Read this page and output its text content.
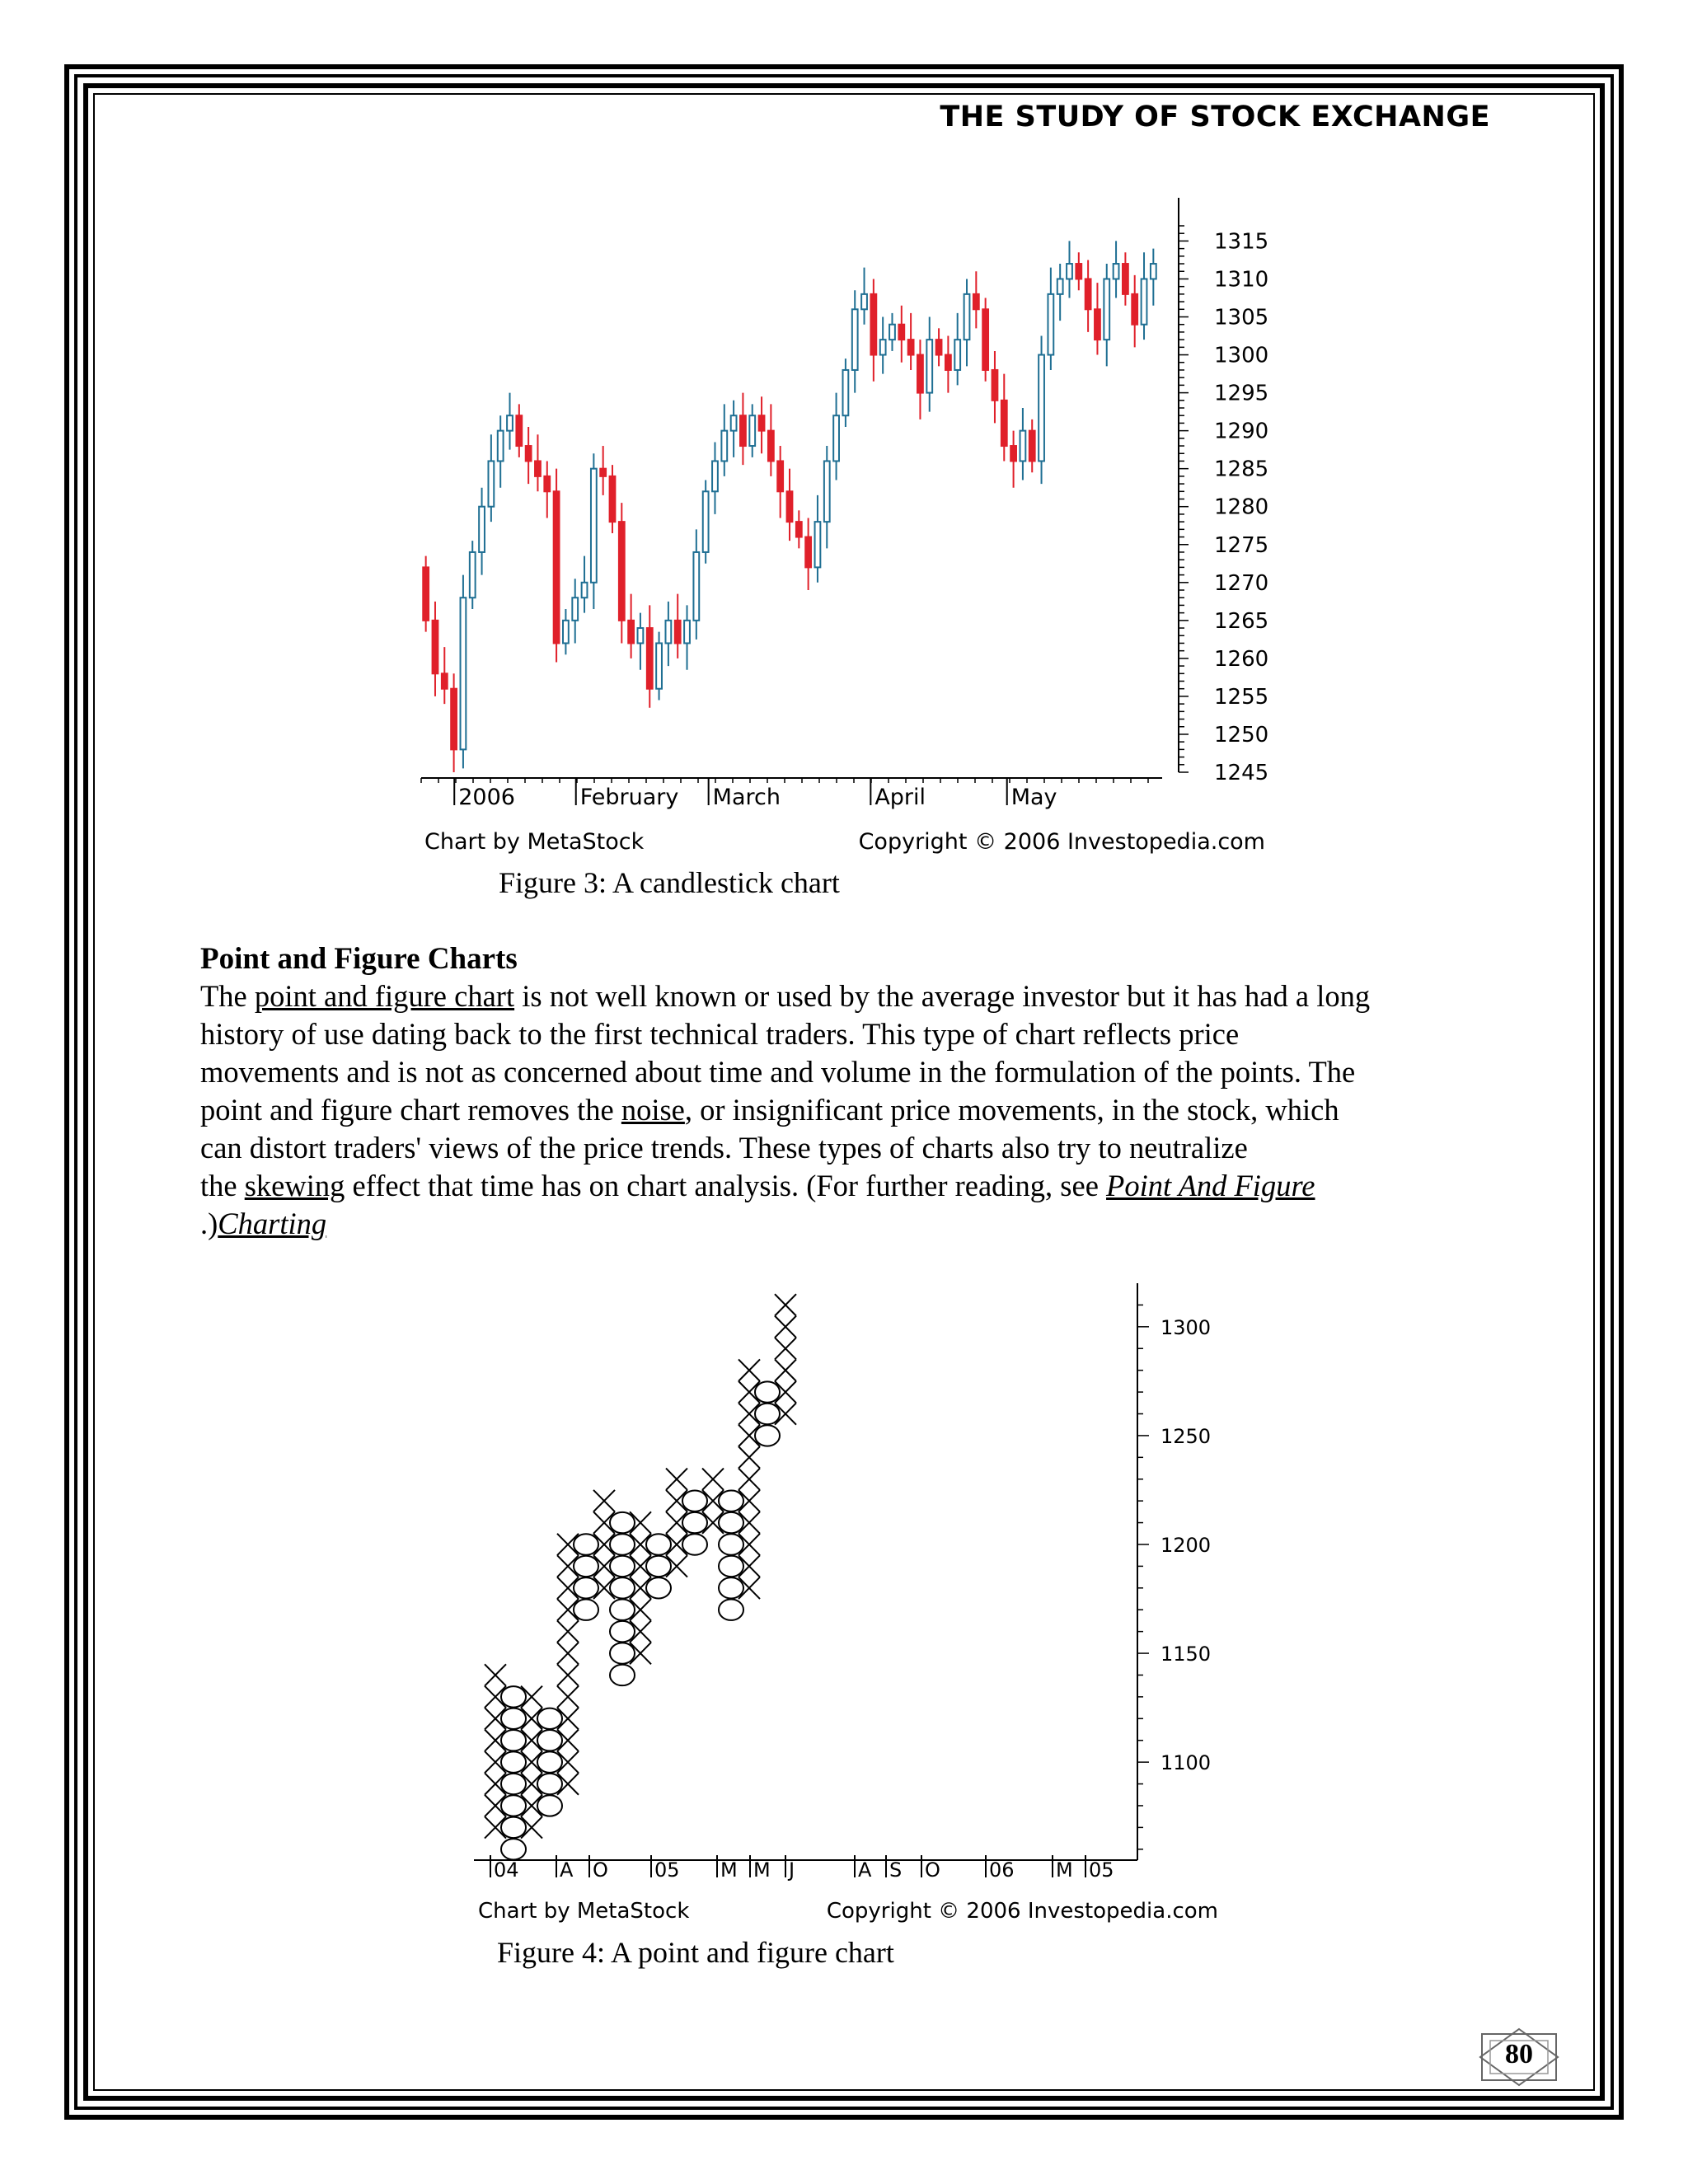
THE STUDY OF STOCK EXCHANGE
1315
1310
1305
1300
1295
1290
1285
1280
1275
1270
1265
1260
1255
1250
1245
2006	February March	April	May
Chart by MetaStock	Copyright © 2006 Investopedia.com
Figure 3: A candlestick chart
Point and Figure Charts
The point and figure chart is not well known or used by the average investor but it has had a long
history of use dating back to the first technical traders. This type of chart reflects price
movements and is not as concerned about time and volume in the formulation of the points. The
point and figure chart removes the noise, or insignificant price movements, in the stock, which
can distort traders' views of the price trends. These types of charts also try to neutralize
the skewing effect that time has on chart analysis. (For further reading, see Point And Figure
.)Charting
1300
1250
1200
1150
1100
04 A O 05 M M J	A S O 06 M 05
Chart by MetaStock	Copyright © 2006 Investopedia.com
Figure 4: A point and figure chart
80
